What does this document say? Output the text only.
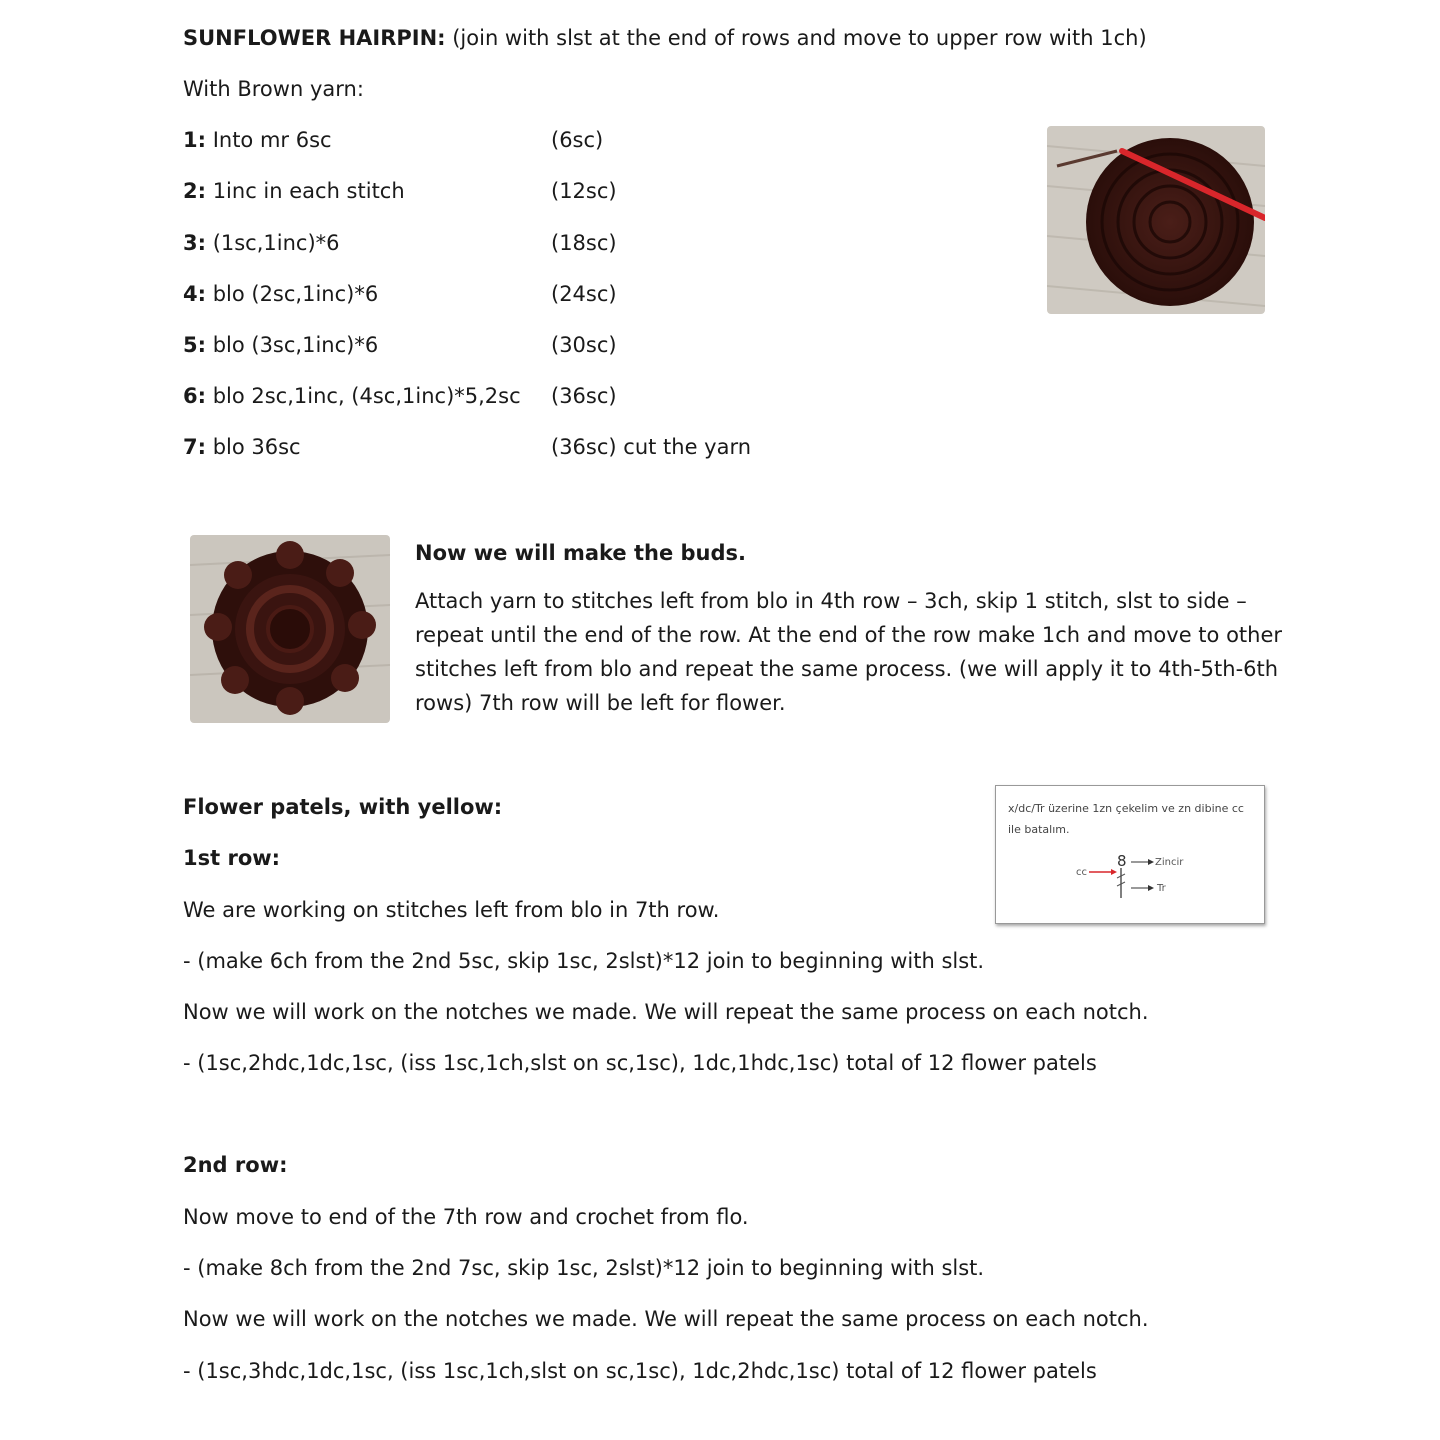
SUNFLOWER HAIRPIN: (join with slst at the end of rows and move to upper row with 1ch)
With Brown yarn:
1: Into mr 6sc	(6sc)
2: 1inc in each stitch	(12sc)
3: (1sc,1inc)*6	(18sc)
4: blo (2sc,1inc)*6	(24sc)
5: blo (3sc,1inc)*6	(30sc)
6: blo 2sc,1inc, (4sc,1inc)*5,2sc (36sc)
7: blo 36sc	(36sc) cut the yarn
Now we will make the buds.
Attach yarn to stitches left from blo in 4th row – 3ch, skip 1 stitch, slst to side – repeat until the end of the row. At the end of the row make 1ch and move to other stitches left from blo and repeat the same process. (we will apply it to 4th-5th-6th rows) 7th row will be left for flower.
Flower patels, with yellow:
1st row:
We are working on stitches left from blo in 7th row.
- (make 6ch from the 2nd 5sc, skip 1sc, 2slst)*12 join to beginning with slst.
Now we will work on the notches we made. We will repeat the same process on each notch.
- (1sc,2hdc,1dc,1sc, (iss 1sc,1ch,slst on sc,1sc), 1dc,1hdc,1sc) total of 12 flower patels
2nd row:
Now move to end of the 7th row and crochet from flo.
- (make 8ch from the 2nd 7sc, skip 1sc, 2slst)*12 join to beginning with slst.
Now we will work on the notches we made. We will repeat the same process on each notch.
- (1sc,3hdc,1dc,1sc, (iss 1sc,1ch,slst on sc,1sc), 1dc,2hdc,1sc) total of 12 flower patels
x/dc/Tr üzerine 1zn çekelim ve zn dibine cc ile batalım.
cc
8	Zincir
Tr
